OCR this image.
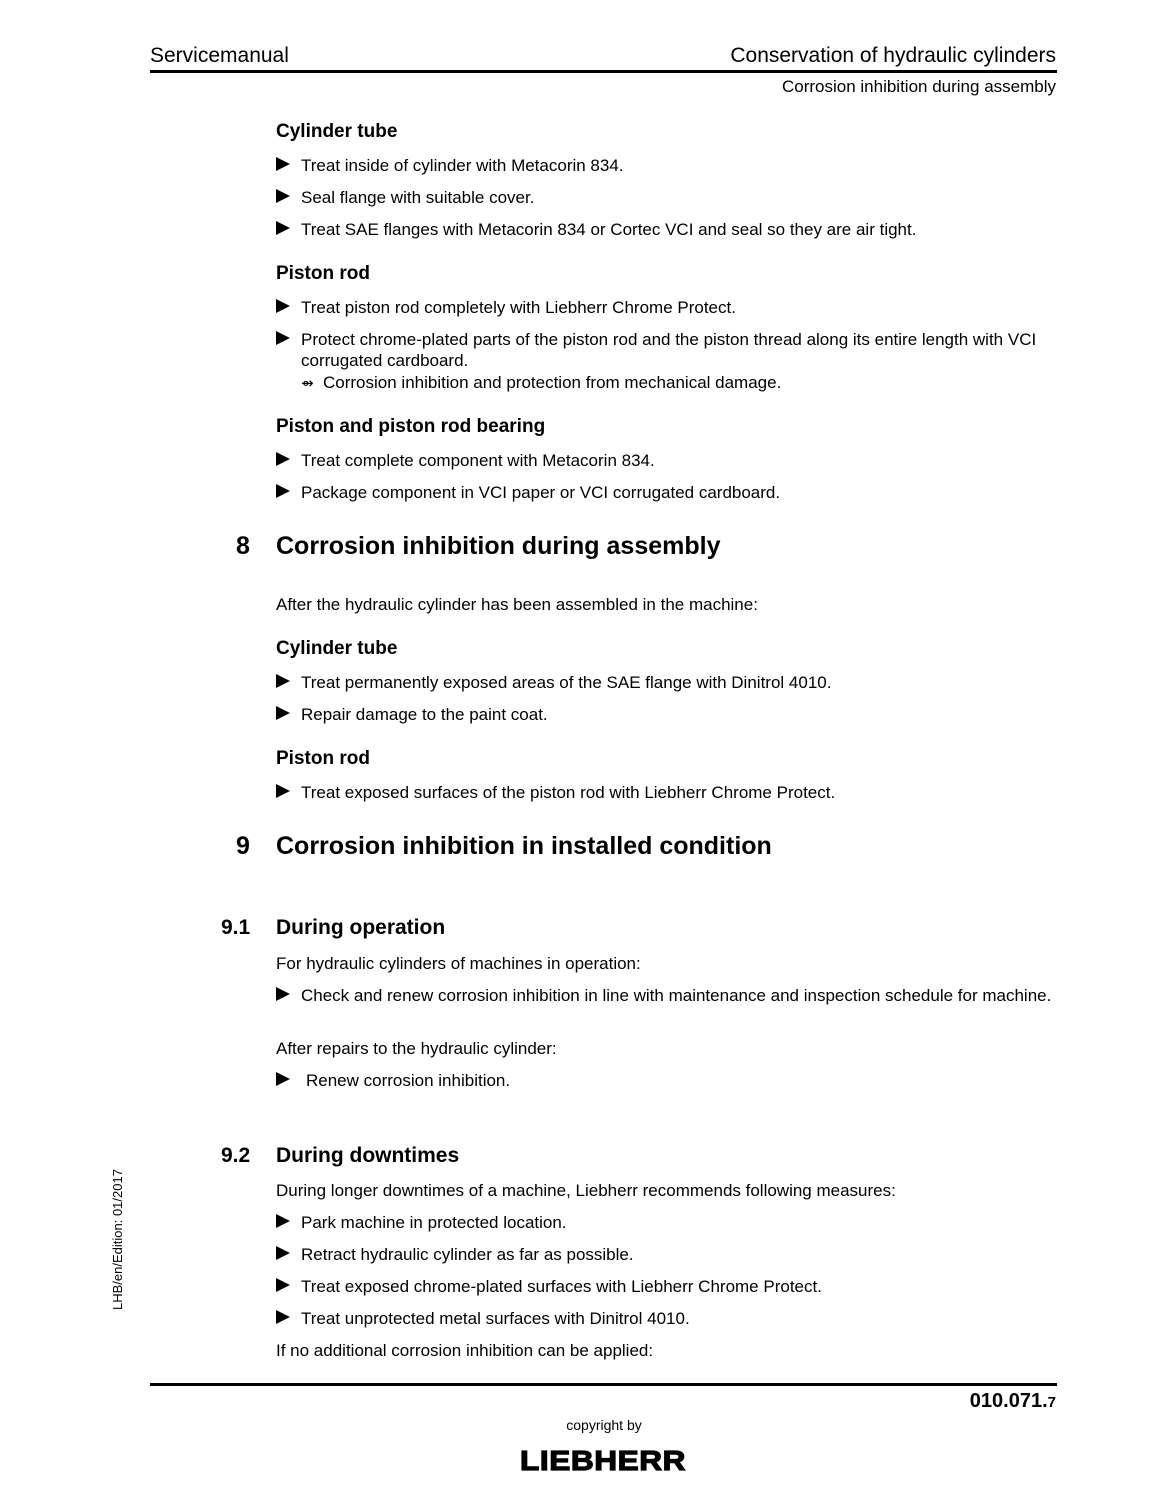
Servicemanual	Conservation of hydraulic cylinders
Corrosion inhibition during assembly
Cylinder tube
Treat inside of cylinder with Metacorin 834.
Seal flange with suitable cover.
Treat SAE flanges with Metacorin 834 or Cortec VCI and seal so they are air tight.
Piston rod
Treat piston rod completely with Liebherr Chrome Protect.
Protect chrome-plated parts of the piston rod and the piston thread along its entire length with VCI corrugated cardboard.
⇴ Corrosion inhibition and protection from mechanical damage.
Piston and piston rod bearing
Treat complete component with Metacorin 834.
Package component in VCI paper or VCI corrugated cardboard.
8 Corrosion inhibition during assembly
After the hydraulic cylinder has been assembled in the machine:
Cylinder tube
Treat permanently exposed areas of the SAE flange with Dinitrol 4010.
Repair damage to the paint coat.
Piston rod
Treat exposed surfaces of the piston rod with Liebherr Chrome Protect.
9 Corrosion inhibition in installed condition
9.1 During operation
For hydraulic cylinders of machines in operation:
Check and renew corrosion inhibition in line with maintenance and inspection schedule for machine.
After repairs to the hydraulic cylinder:
Renew corrosion inhibition.
9.2 During downtimes
During longer downtimes of a machine, Liebherr recommends following measures:
Park machine in protected location.
Retract hydraulic cylinder as far as possible.
Treat exposed chrome-plated surfaces with Liebherr Chrome Protect.
Treat unprotected metal surfaces with Dinitrol 4010.
If no additional corrosion inhibition can be applied:
LHB/en/Edition: 01/2017
010.071.7
copyright by
LIEBHERR
